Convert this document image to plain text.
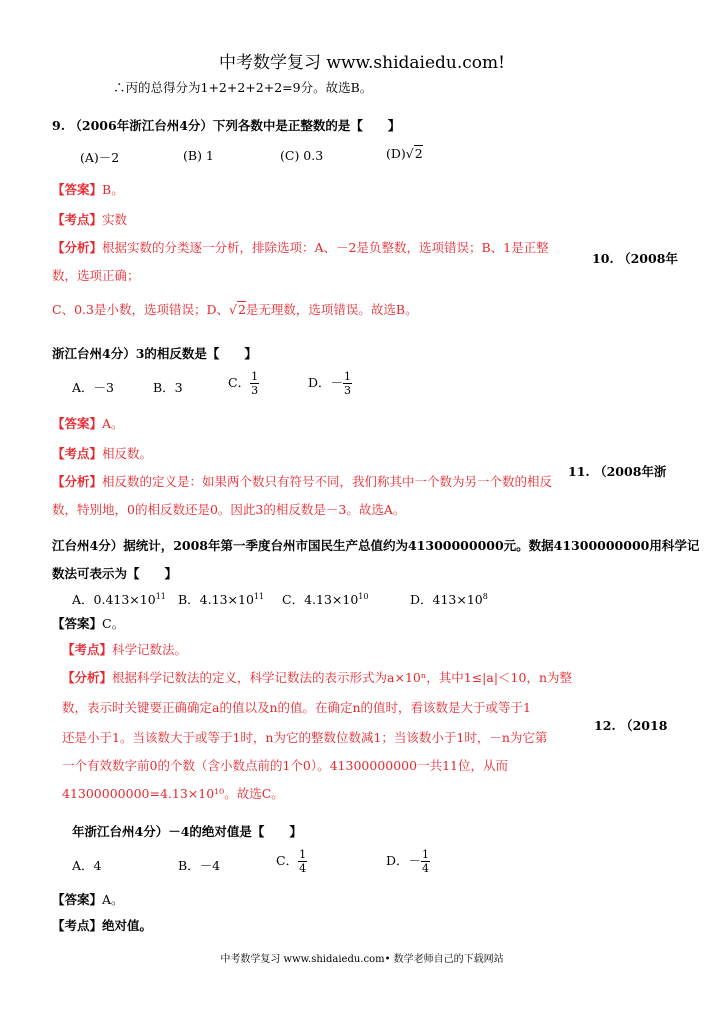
中考数学复习 www.shidaiedu.com!
∴丙的总得分为1+2+2+2+2=9分。故选B。
9. （2006年浙江台州4分）下列各数中是正整数的是【　　】
(A)－2	(B) 1	(C) 0.3	(D)√2
【答案】B。
【考点】实数
【分析】根据实数的分类逐一分析，排除选项：A、－2是负整数，选项错误；B、1是正整
数，选项正确；
C、0.3是小数，选项错误；D、√2是无理数，选项错误。故选B。
10. （2008年
浙江台州4分）3的相反数是【　　】
A．－3	B．3	C． $\frac{1}{3}$	D．－ $\frac{1}{3}$
【答案】A。
【考点】相反数。
【分析】相反数的定义是：如果两个数只有符号不同，我们称其中一个数为另一个数的相反
数，特别地，0的相反数还是0。因此3的相反数是－3。故选A。
11. （2008年浙
江台州4分）据统计，2008年第一季度台州市国民生产总值约为41300000000元。数据41300000000用科学记
数法可表示为【　　】
A．$0.413\times 10^{11}$ B．$4.13\times 10^{11}$ C．$4.13\times 10^{10}$	D．$413\times 10^8$
【答案】C。
【考点】科学记数法。
【分析】根据科学记数法的定义，科学记数法的表示形式为a×10ⁿ，其中1≤|a|＜10，n为整
数，表示时关键要正确确定a的值以及n的值。在确定n的值时，看该数是大于或等于1
还是小于1。当该数大于或等于1时，n为它的整数位数减1；当该数小于1时，－n为它第
一个有效数字前0的个数（含小数点前的1个0）。41300000000一共11位，从而
41300000000=4.13×10¹⁰。故选C。
12. （2018
年浙江台州4分）－4的绝对值是【　　】
A．4	B．－4	C． $\frac{1}{4}$	D．－ $\frac{1}{4}$
【答案】A。
【考点】绝对值。
中考数学复习 www.shidaiedu.com• 数学老师自己的下载网站
